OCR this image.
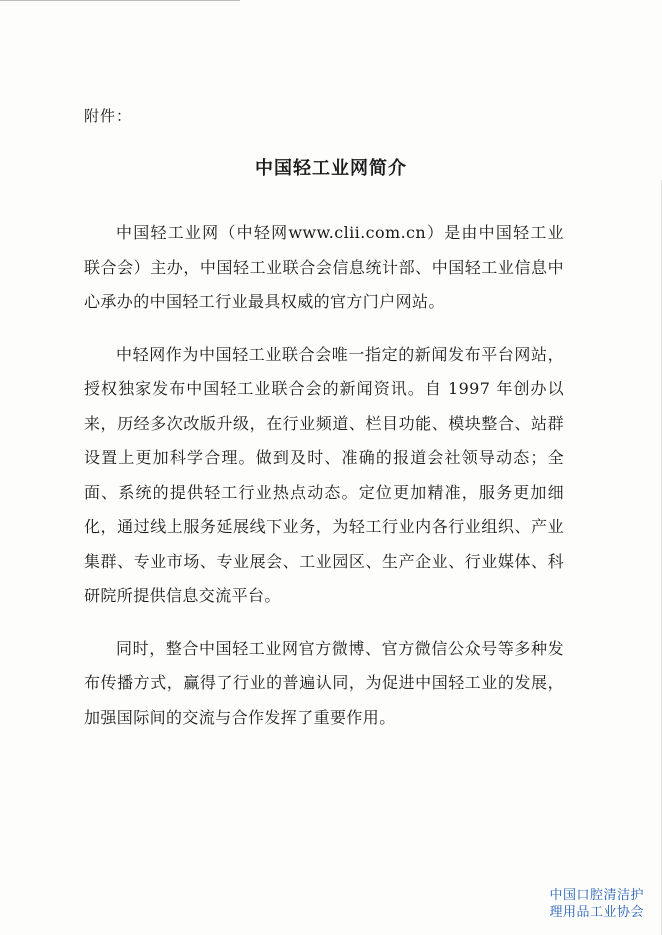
附件：
中国轻工业网简介

中国轻工业网（中轻网www.clii.com.cn）是由中国轻工业联合会）主办，中国轻工业联合会信息统计部、中国轻工业信息中心承办的中国轻工行业最具权威的官方门户网站。

中轻网作为中国轻工业联合会唯一指定的新闻发布平台网站，授权独家发布中国轻工业联合会的新闻资讯。自 1997 年创办以来，历经多次改版升级，在行业频道、栏目功能、模块整合、站群设置上更加科学合理。做到及时、准确的报道会社领导动态；全面、系统的提供轻工行业热点动态。定位更加精准，服务更加细化，通过线上服务延展线下业务，为轻工行业内各行业组织、产业集群、专业市场、专业展会、工业园区、生产企业、行业媒体、科研院所提供信息交流平台。

同时，整合中国轻工业网官方微博、官方微信公众号等多种发布传播方式，赢得了行业的普遍认同，为促进中国轻工业的发展，加强国际间的交流与合作发挥了重要作用。

中国口腔清洁护
理用品工业协会
